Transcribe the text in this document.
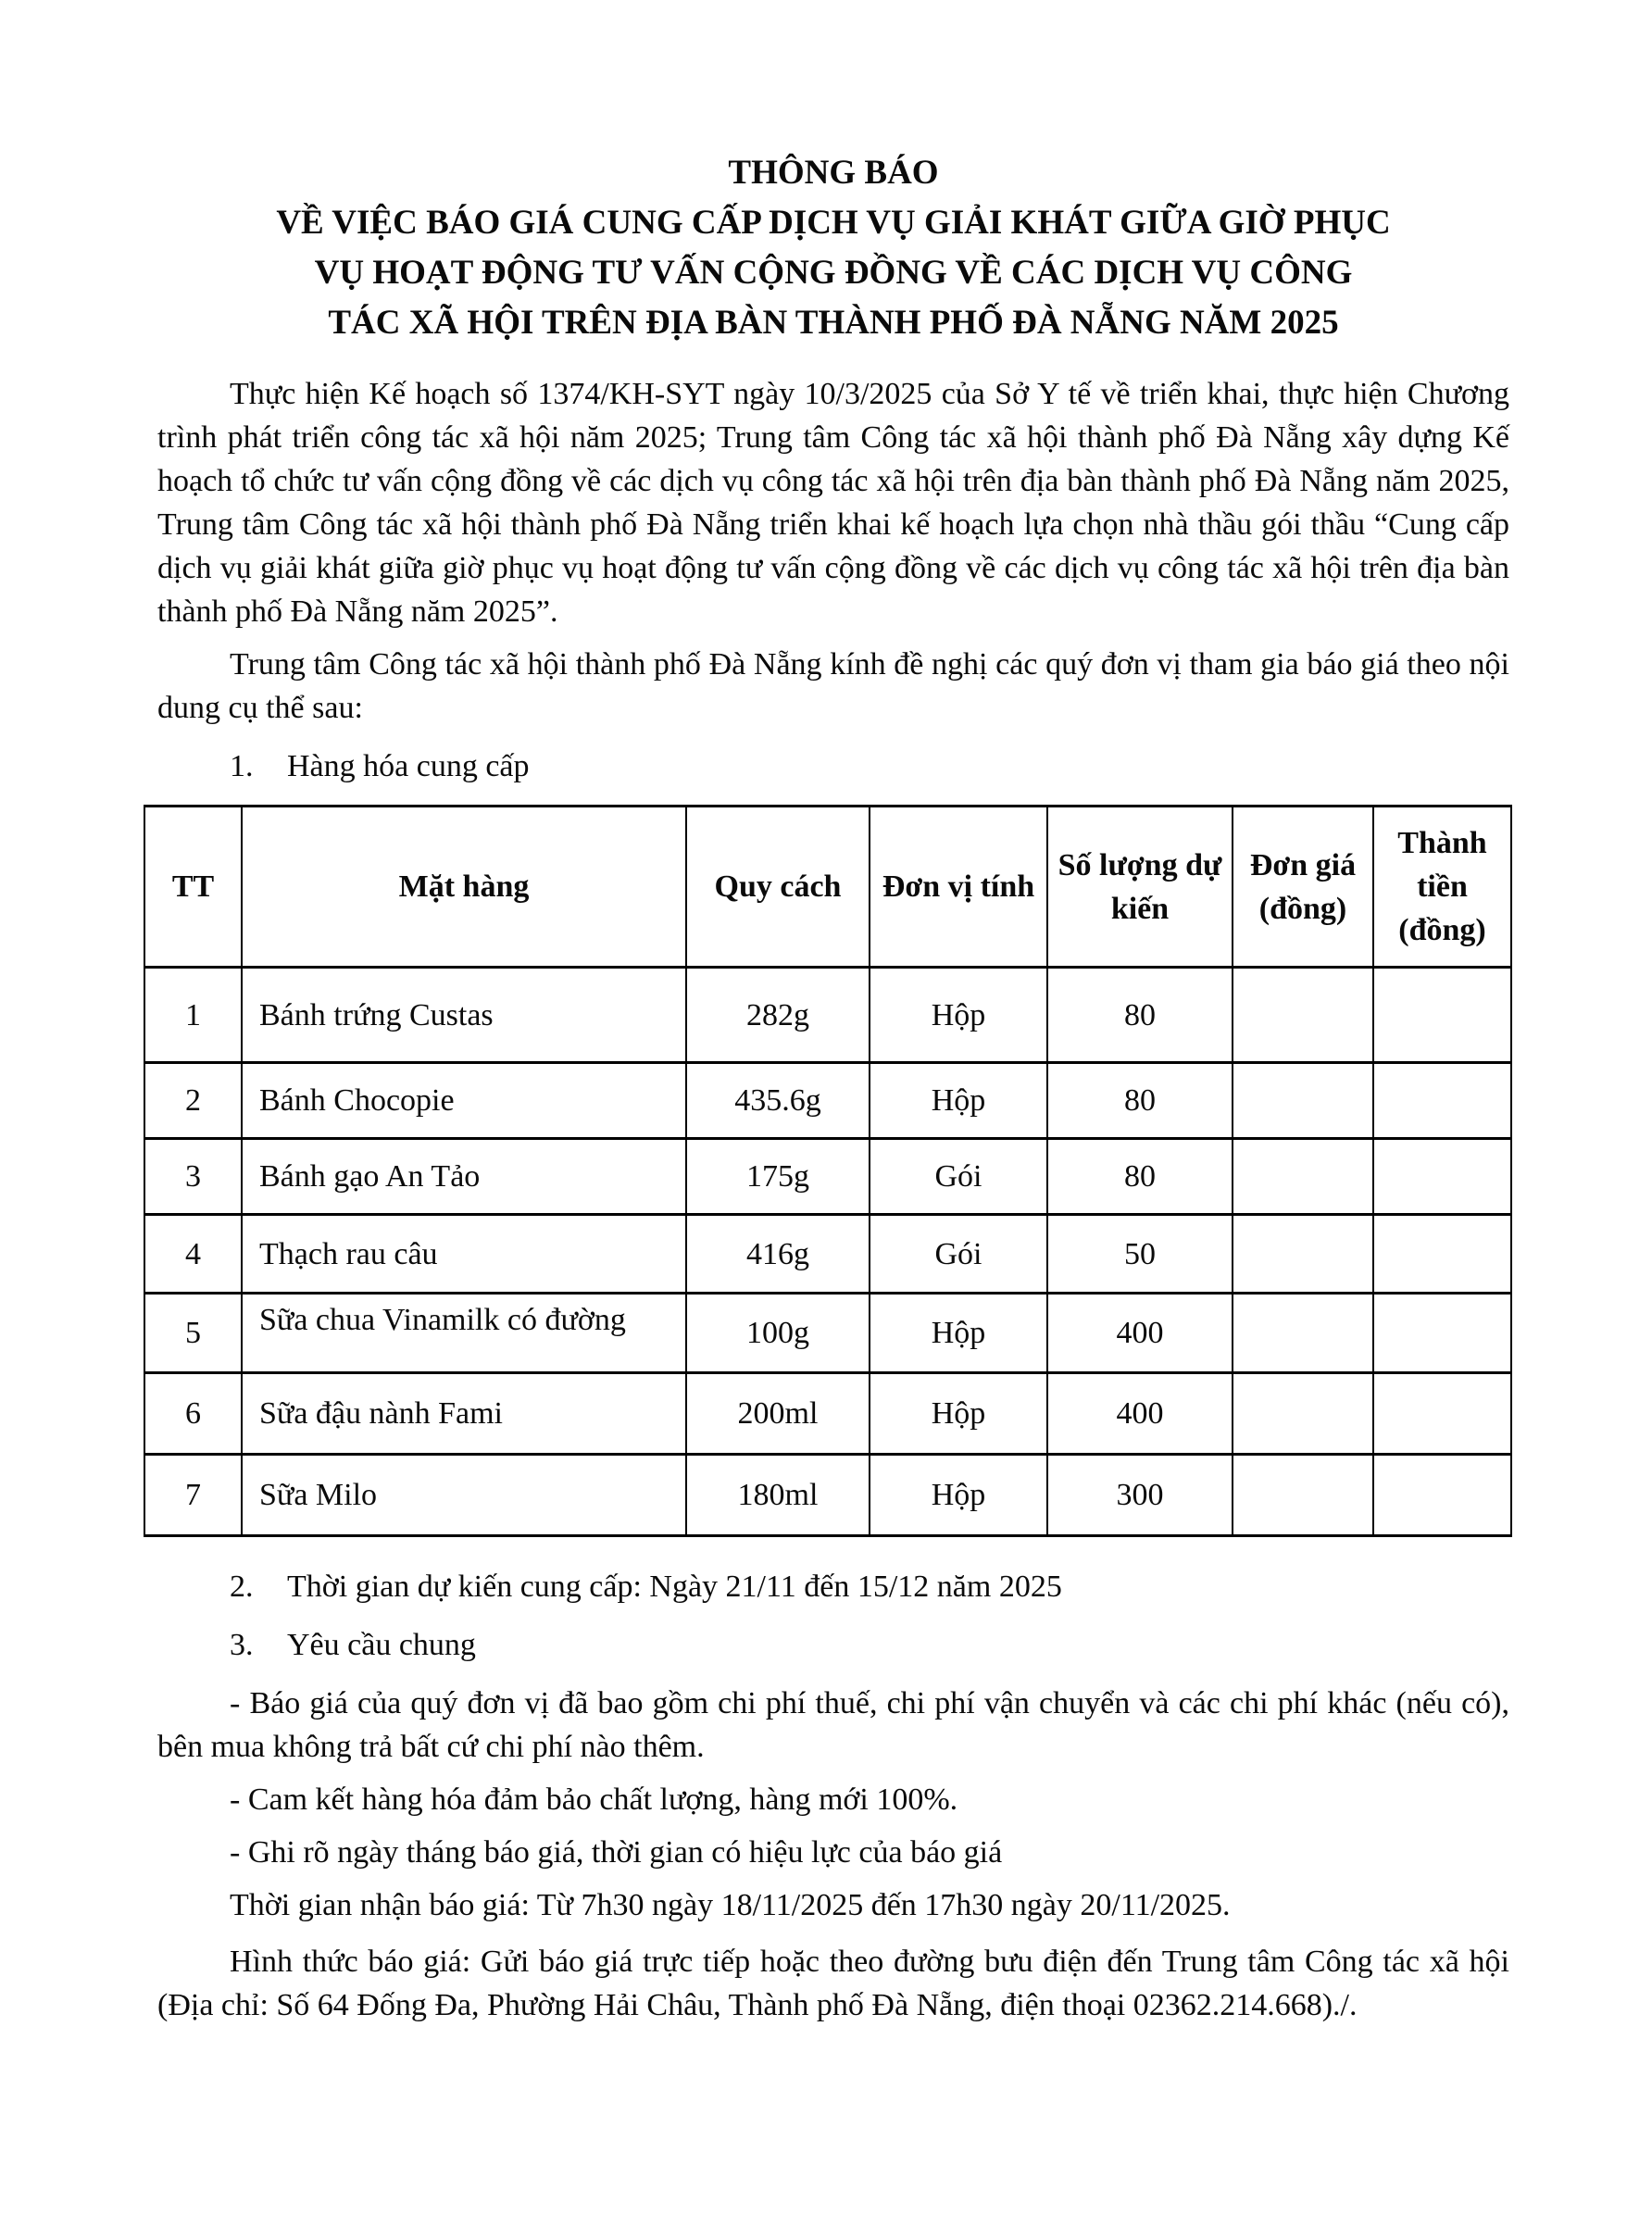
THÔNG BÁO
VỀ VIỆC BÁO GIÁ CUNG CẤP DỊCH VỤ GIẢI KHÁT GIỮA GIỜ PHỤC
VỤ HOẠT ĐỘNG TƯ VẤN CỘNG ĐỒNG VỀ CÁC DỊCH VỤ CÔNG
TÁC XÃ HỘI TRÊN ĐỊA BÀN THÀNH PHỐ ĐÀ NẴNG NĂM 2025

Thực hiện Kế hoạch số 1374/KH-SYT ngày 10/3/2025 của Sở Y tế về triển khai, thực hiện Chương trình phát triển công tác xã hội năm 2025; Trung tâm Công tác xã hội thành phố Đà Nẵng xây dựng Kế hoạch tổ chức tư vấn cộng đồng về các dịch vụ công tác xã hội trên địa bàn thành phố Đà Nẵng năm 2025, Trung tâm Công tác xã hội thành phố Đà Nẵng triển khai kế hoạch lựa chọn nhà thầu gói thầu “Cung cấp dịch vụ giải khát giữa giờ phục vụ hoạt động tư vấn cộng đồng về các dịch vụ công tác xã hội trên địa bàn thành phố Đà Nẵng năm 2025”.

Trung tâm Công tác xã hội thành phố Đà Nẵng kính đề nghị các quý đơn vị tham gia báo giá theo nội dung cụ thể sau:

1. Hàng hóa cung cấp
TT	Mặt hàng	Quy cách	Đơn vị tính	Số lượng dự kiến	Đơn giá (đồng)	Thành tiền (đồng)
1	Bánh trứng Custas	282g	Hộp	80		
2	Bánh Chocopie	435.6g	Hộp	80		
3	Bánh gạo An Tảo	175g	Gói	80		
4	Thạch rau câu	416g	Gói	50		
5	Sữa chua Vinamilk có đường	100g	Hộp	400		
6	Sữa đậu nành Fami	200ml	Hộp	400		
7	Sữa Milo	180ml	Hộp	300		
2. Thời gian dự kiến cung cấp: Ngày 21/11 đến 15/12 năm 2025
3. Yêu cầu chung

- Báo giá của quý đơn vị đã bao gồm chi phí thuế, chi phí vận chuyển và các chi phí khác (nếu có), bên mua không trả bất cứ chi phí nào thêm.

- Cam kết hàng hóa đảm bảo chất lượng, hàng mới 100%.

- Ghi rõ ngày tháng báo giá, thời gian có hiệu lực của báo giá

Thời gian nhận báo giá: Từ 7h30 ngày 18/11/2025 đến 17h30 ngày 20/11/2025.

Hình thức báo giá: Gửi báo giá trực tiếp hoặc theo đường bưu điện đến Trung tâm Công tác xã hội (Địa chỉ: Số 64 Đống Đa, Phường Hải Châu, Thành phố Đà Nẵng, điện thoại 02362.214.668)./.
